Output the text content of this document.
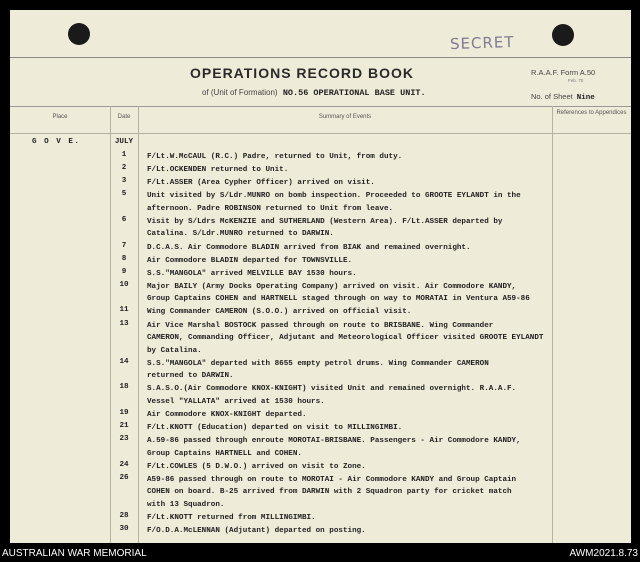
SECRET
OPERATIONS RECORD BOOK
of (Unit of Formation) NO.56 OPERATIONAL BASE UNIT.
R.A.A.F. Form A.50
Feb. 70
No. of Sheet Nine
Place	Date	Summary of Events
References to Appendices
G O V E.	JULY
1	F/Lt.W.McCAUL (R.C.) Padre, returned to Unit, from duty.
2	F/Lt.OCKENDEN returned to Unit.
3	F/Lt.ASSER (Area Cypher Officer) arrived on visit.
5	Unit visited by S/Ldr.MUNRO on bomb inspection. Proceeded to GROOTE EYLANDT in the
afternoon. Padre ROBINSON returned to Unit from leave.
6	Visit by S/Ldrs McKENZIE and SUTHERLAND (Western Area). F/Lt.ASSER departed by
Catalina. S/Ldr.MUNRO returned to DARWIN.
7	D.C.A.S. Air Commodore BLADIN arrived from BIAK and remained overnight.
8	Air Commodore BLADIN departed for TOWNSVILLE.
9	S.S."MANGOLA" arrived MELVILLE BAY 1530 hours.
10	Major BAILY (Army Docks Operating Company) arrived on visit. Air Commodore KANDY,
Group Captains COHEN and HARTNELL staged through on way to MORATAI in Ventura A59-86
11	Wing Commander CAMERON (S.O.O.) arrived on official visit.
13	Air Vice Marshal BOSTOCK passed through on route to BRISBANE. Wing Commander
CAMERON, Commanding Officer, Adjutant and Meteorological Officer visited GROOTE EYLANDT
by Catalina.
14	S.S."MANGOLA" departed with 8655 empty petrol drums. Wing Commander CAMERON
returned to DARWIN.
18	S.A.S.O.(Air Commodore KNOX-KNIGHT) visited Unit and remained overnight. R.A.A.F.
Vessel "YALLATA" arrived at 1530 hours.
19	Air Commodore KNOX-KNIGHT departed.
21	F/Lt.KNOTT (Education) departed on visit to MILLINGIMBI.
23	A.59-86 passed through enroute MOROTAI-BRISBANE. Passengers - Air Commodore KANDY,
Group Captains HARTNELL and COHEN.
24	F/Lt.COWLES (5 D.W.O.) arrived on visit to Zone.
26	A59-86 passed through on route to MOROTAI - Air Commodore KANDY and Group Captain
COHEN on board. B-25 arrived from DARWIN with 2 Squadron party for cricket match
with 13 Squadron.
28	F/Lt.KNOTT returned from MILLINGIMBI.
30	F/O.D.A.McLENNAN (Adjutant) departed on posting.
AUSTRALIAN WAR MEMORIAL	AWM2021.8.73
